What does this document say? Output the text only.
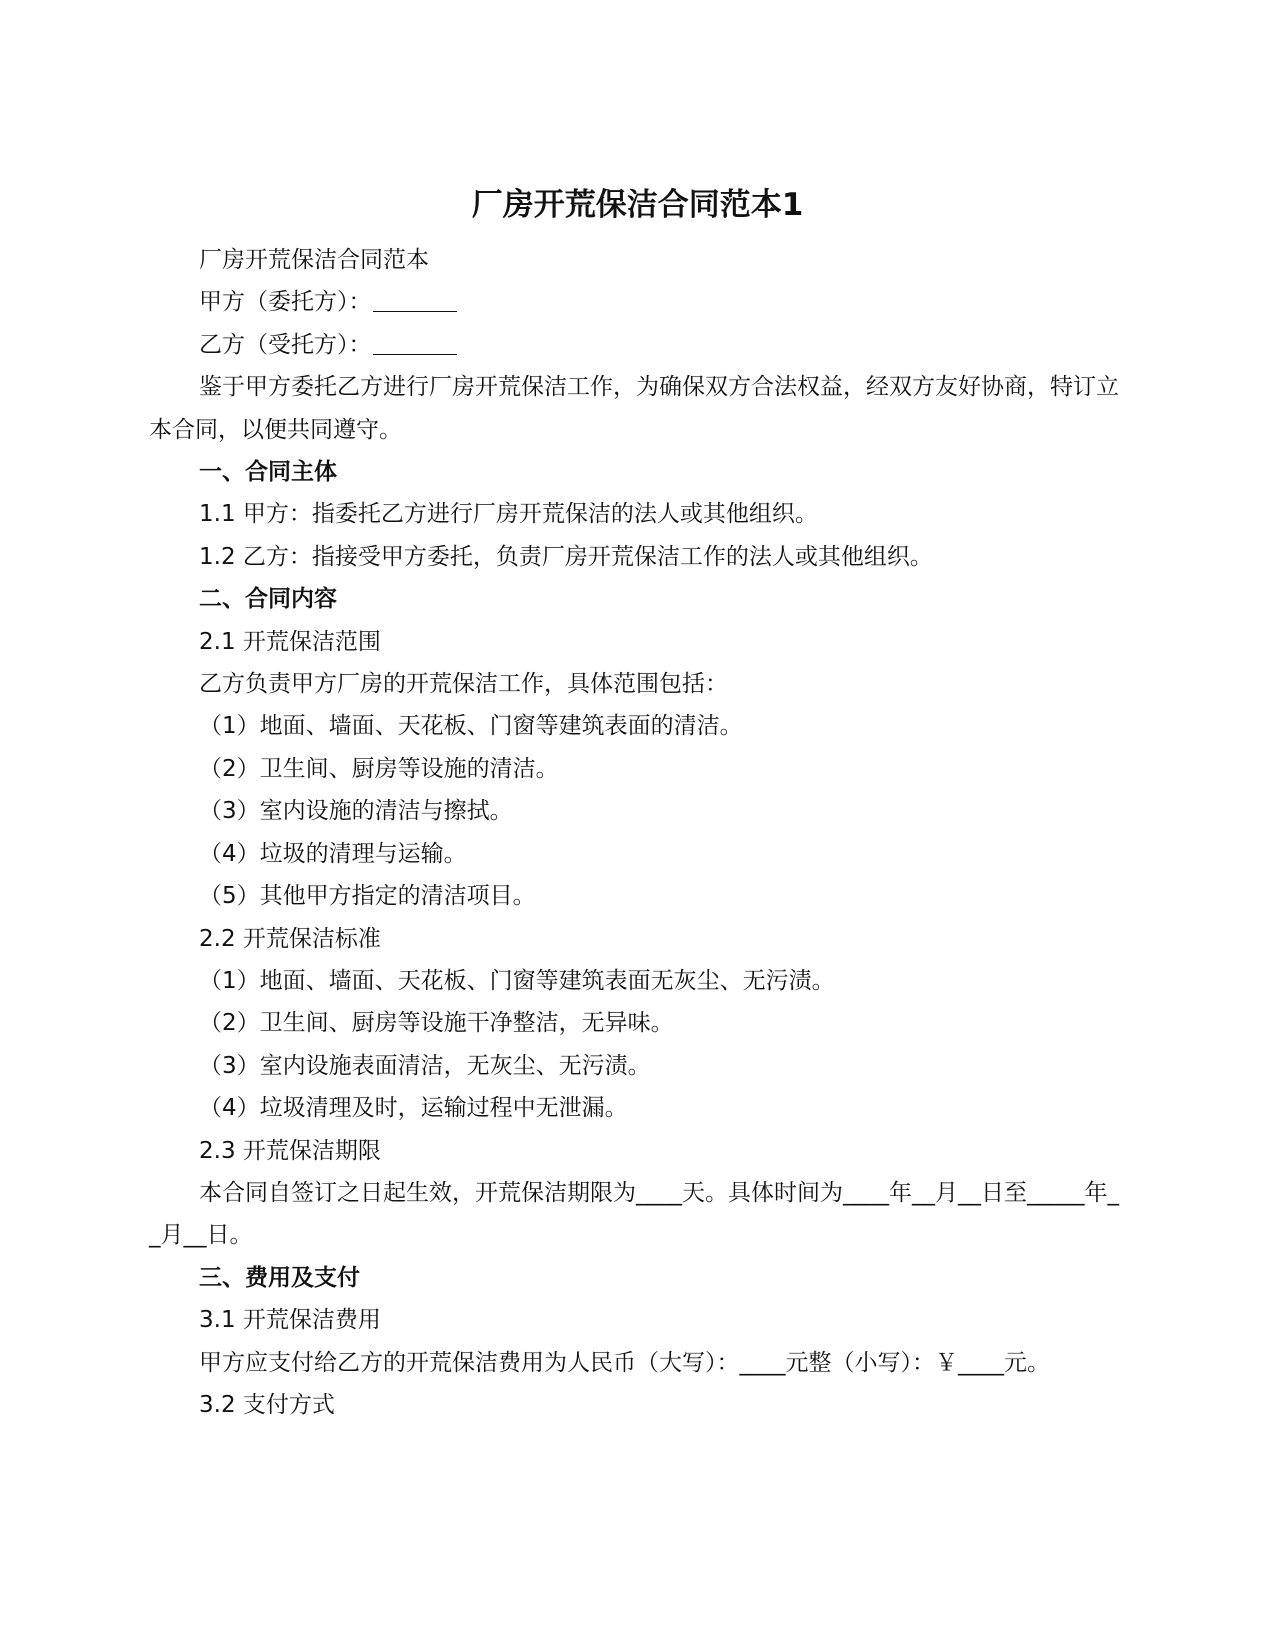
厂房开荒保洁合同范本1

厂房开荒保洁合同范本

甲方（委托方）：

乙方（受托方）：

鉴于甲方委托乙方进行厂房开荒保洁工作，为确保双方合法权益，经双方友好协商，特订立本合同，以便共同遵守。

一、合同主体

1.1 甲方：指委托乙方进行厂房开荒保洁的法人或其他组织。

1.2 乙方：指接受甲方委托，负责厂房开荒保洁工作的法人或其他组织。

二、合同内容

2.1 开荒保洁范围

乙方负责甲方厂房的开荒保洁工作，具体范围包括：

（1）地面、墙面、天花板、门窗等建筑表面的清洁。

（2）卫生间、厨房等设施的清洁。

（3）室内设施的清洁与擦拭。

（4）垃圾的清理与运输。

（5）其他甲方指定的清洁项目。

2.2 开荒保洁标准

（1）地面、墙面、天花板、门窗等建筑表面无灰尘、无污渍。

（2）卫生间、厨房等设施干净整洁，无异味。

（3）室内设施表面清洁，无灰尘、无污渍。

（4）垃圾清理及时，运输过程中无泄漏。

2.3 开荒保洁期限

本合同自签订之日起生效，开荒保洁期限为____天。具体时间为____年__月__日至_____年__月__日。

三、费用及支付

3.1 开荒保洁费用

甲方应支付给乙方的开荒保洁费用为人民币（大写）：____元整（小写）：￥____元。

3.2 支付方式
